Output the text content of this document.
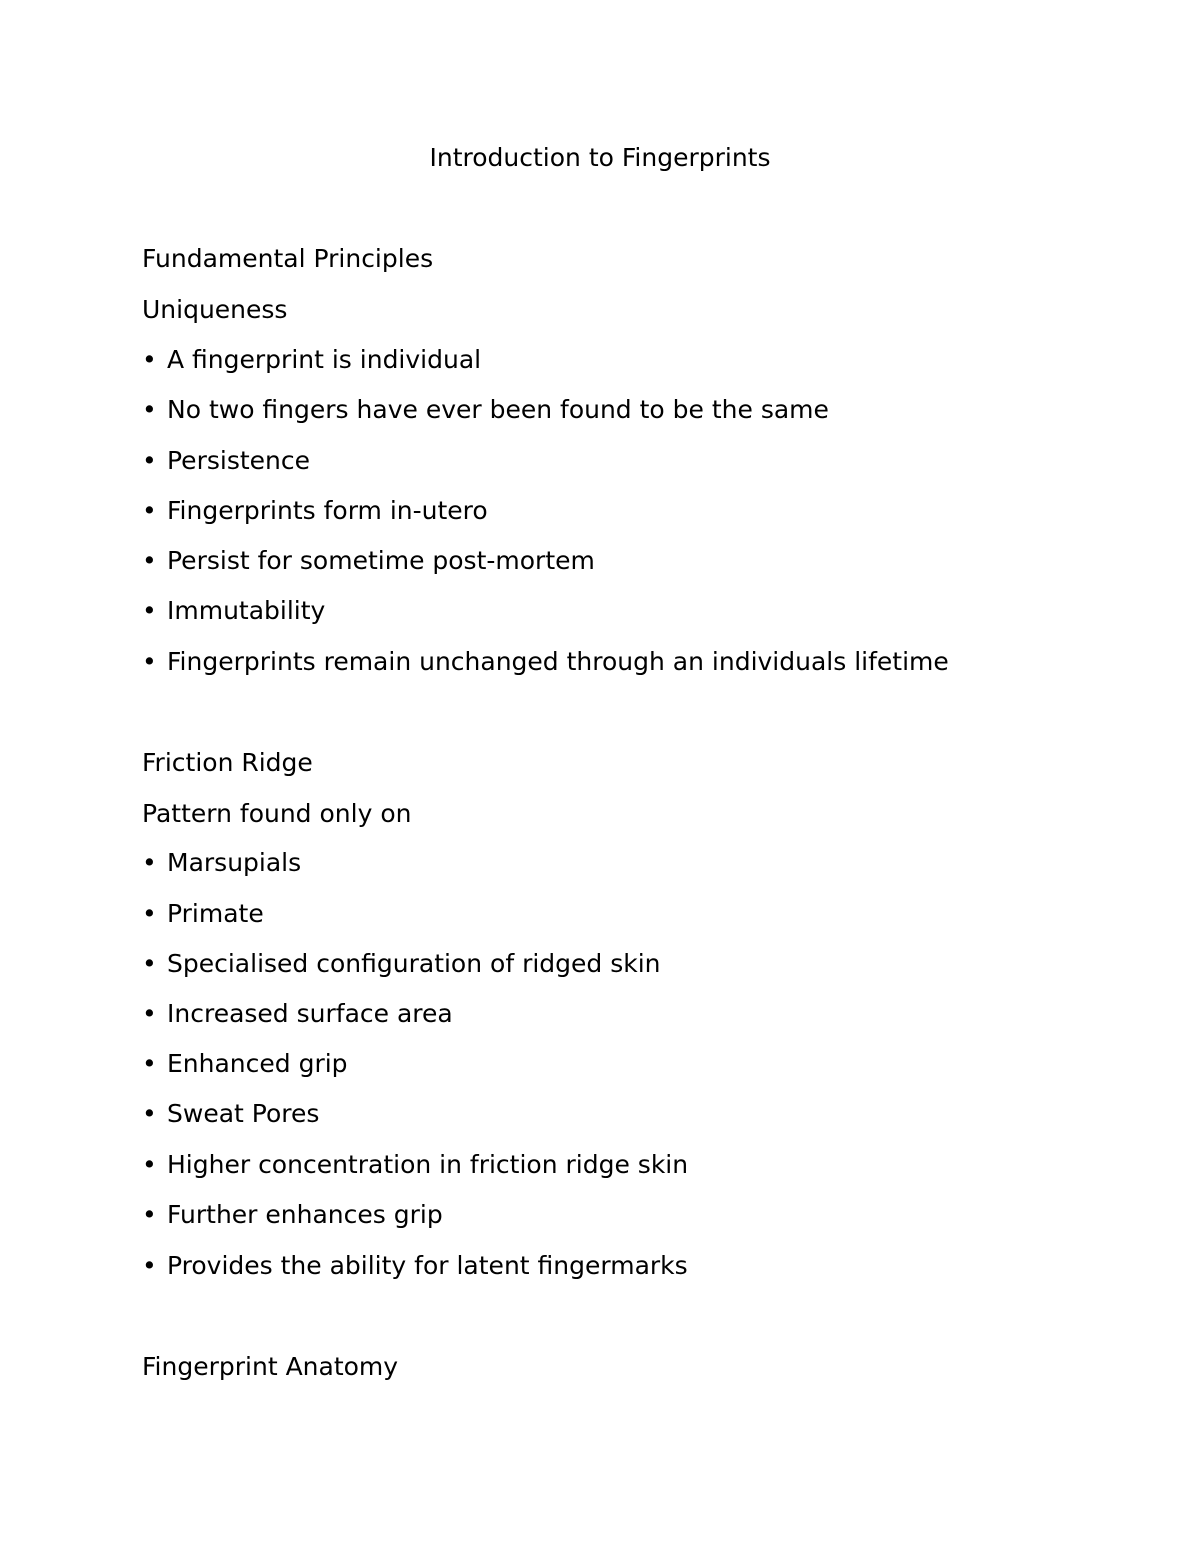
Introduction to Fingerprints
Fundamental Principles
Uniqueness
• A fingerprint is individual
• No two fingers have ever been found to be the same
• Persistence
• Fingerprints form in-utero
• Persist for sometime post-mortem
• Immutability
• Fingerprints remain unchanged through an individuals lifetime
Friction Ridge
Pattern found only on
• Marsupials
• Primate
• Specialised configuration of ridged skin
• Increased surface area
• Enhanced grip
• Sweat Pores
• Higher concentration in friction ridge skin
• Further enhances grip
• Provides the ability for latent fingermarks
Fingerprint Anatomy
